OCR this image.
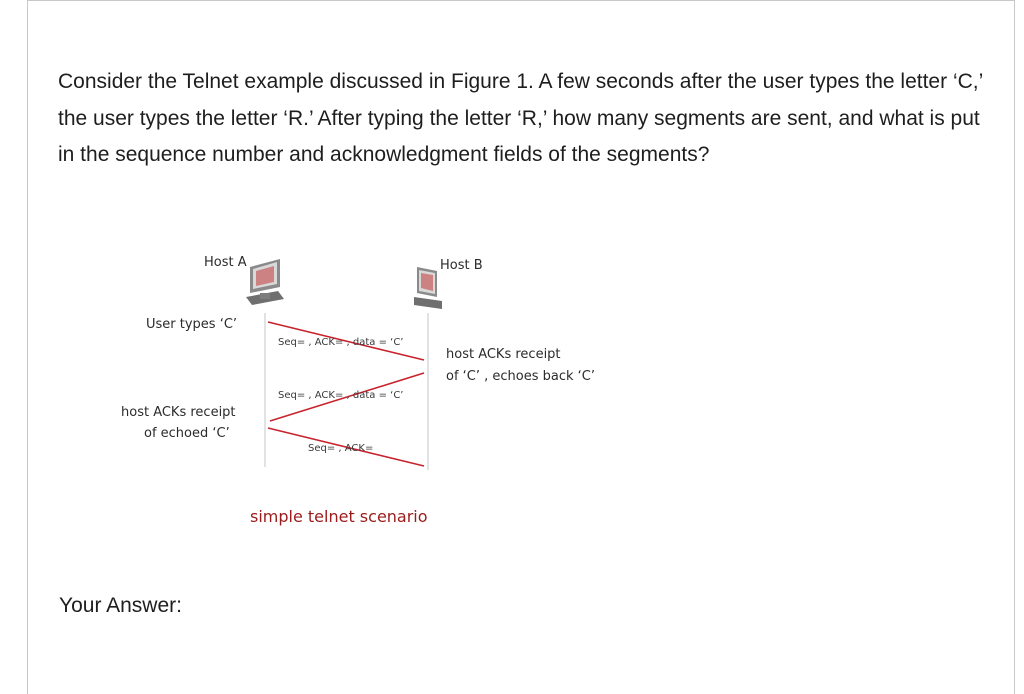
Consider the Telnet example discussed in Figure 1. A few seconds after the user types the letter ‘C,’ the user types the letter ‘R.’ After typing the letter ‘R,’ how many segments are sent, and what is put in the sequence number and acknowledgment fields of the segments?
Host A	Host B
User types ‘C’
Seq= , ACK= , data = ‘C’
host ACKs receipt
of ‘C’ , echoes back ‘C’
Seq= , ACK= , data = ‘C’
host ACKs receipt
of echoed ‘C’
Seq= , ACK=
simple telnet scenario
Your Answer:
